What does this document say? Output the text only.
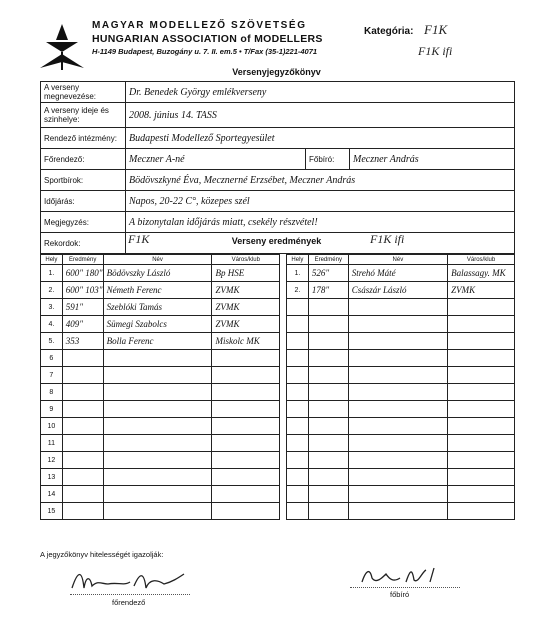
MAGYAR MODELLEZŐ SZÖVETSÉG
HUNGARIAN ASSOCIATION of MODELLERS
H-1149 Budapest, Buzogány u. 7. II. em.5 • T/Fax (35-1)221-4071
Kategória: F1K
F1K ifi
Versenyjegyzőkönyv
A verseny megnevezése:	Dr. Benedek György emlékverseny		
A verseny ideje és szinhelye:	2008. június 14. TASS		
Rendező intézmény:	Budapesti Modellező Sportegyesület		
Főrendező:	Meczner A-né	Főbíró:	Meczner András
Sportbírok:	Bödövszkyné Éva, Mecznerné Erzsébet, Meczner András		
Időjárás:	Napos, 20-22 C°, közepes szél		
Megjegyzés:	A bizonytalan időjárás miatt, csekély részvétel!		
Rekordok:				F1K	Verseny eredmények	F1K ifi
Hely	Eredmény	Név	Város/klub
1.	600" 180"	Bödövszky László	Bp HSE
2.	600" 103"	Németh Ferenc	ZVMK
3.	591"	Szeblóki Tamás	ZVMK
4.	409"	Sümegi Szabolcs	ZVMK
5.	353	Bolla Ferenc	Miskolc MK
6			
7			
8			
9			
10			
11			
12			
13			
14			
15			
Hely	Eredmény	Név	Város/klub
1.	526"	Strehó Máté	Balassagy. MK
2.	178"	Császár László	ZVMK

A jegyzőkönyv hitelességét igazolják:
főrendező
főbíró
